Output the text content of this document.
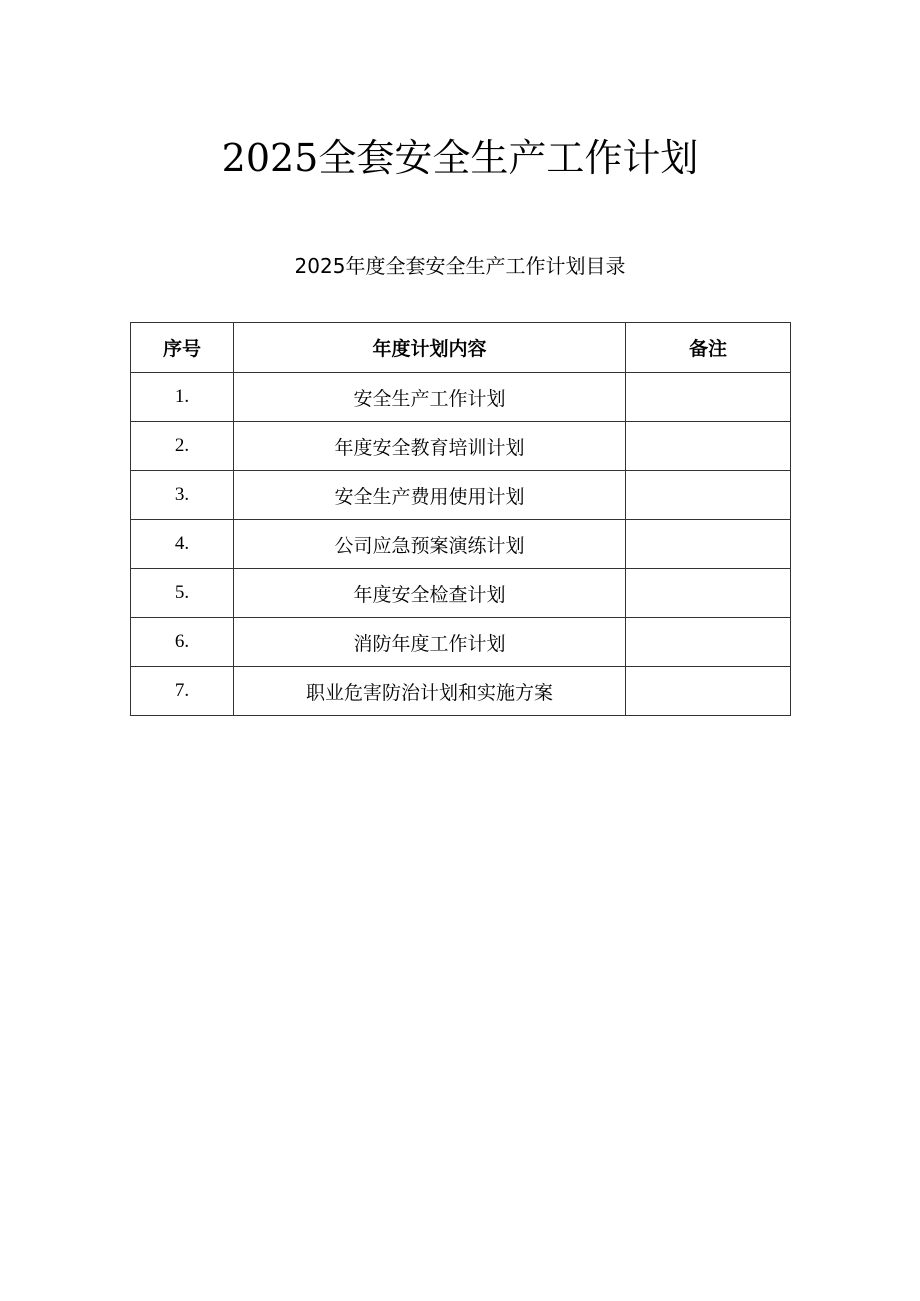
2025全套安全生产工作计划
2025年度全套安全生产工作计划目录
序号	年度计划内容	备注
1.	安全生产工作计划	
2.	年度安全教育培训计划	
3.	安全生产费用使用计划	
4.	公司应急预案演练计划	
5.	年度安全检查计划	
6.	消防年度工作计划	
7.	职业危害防治计划和实施方案	
